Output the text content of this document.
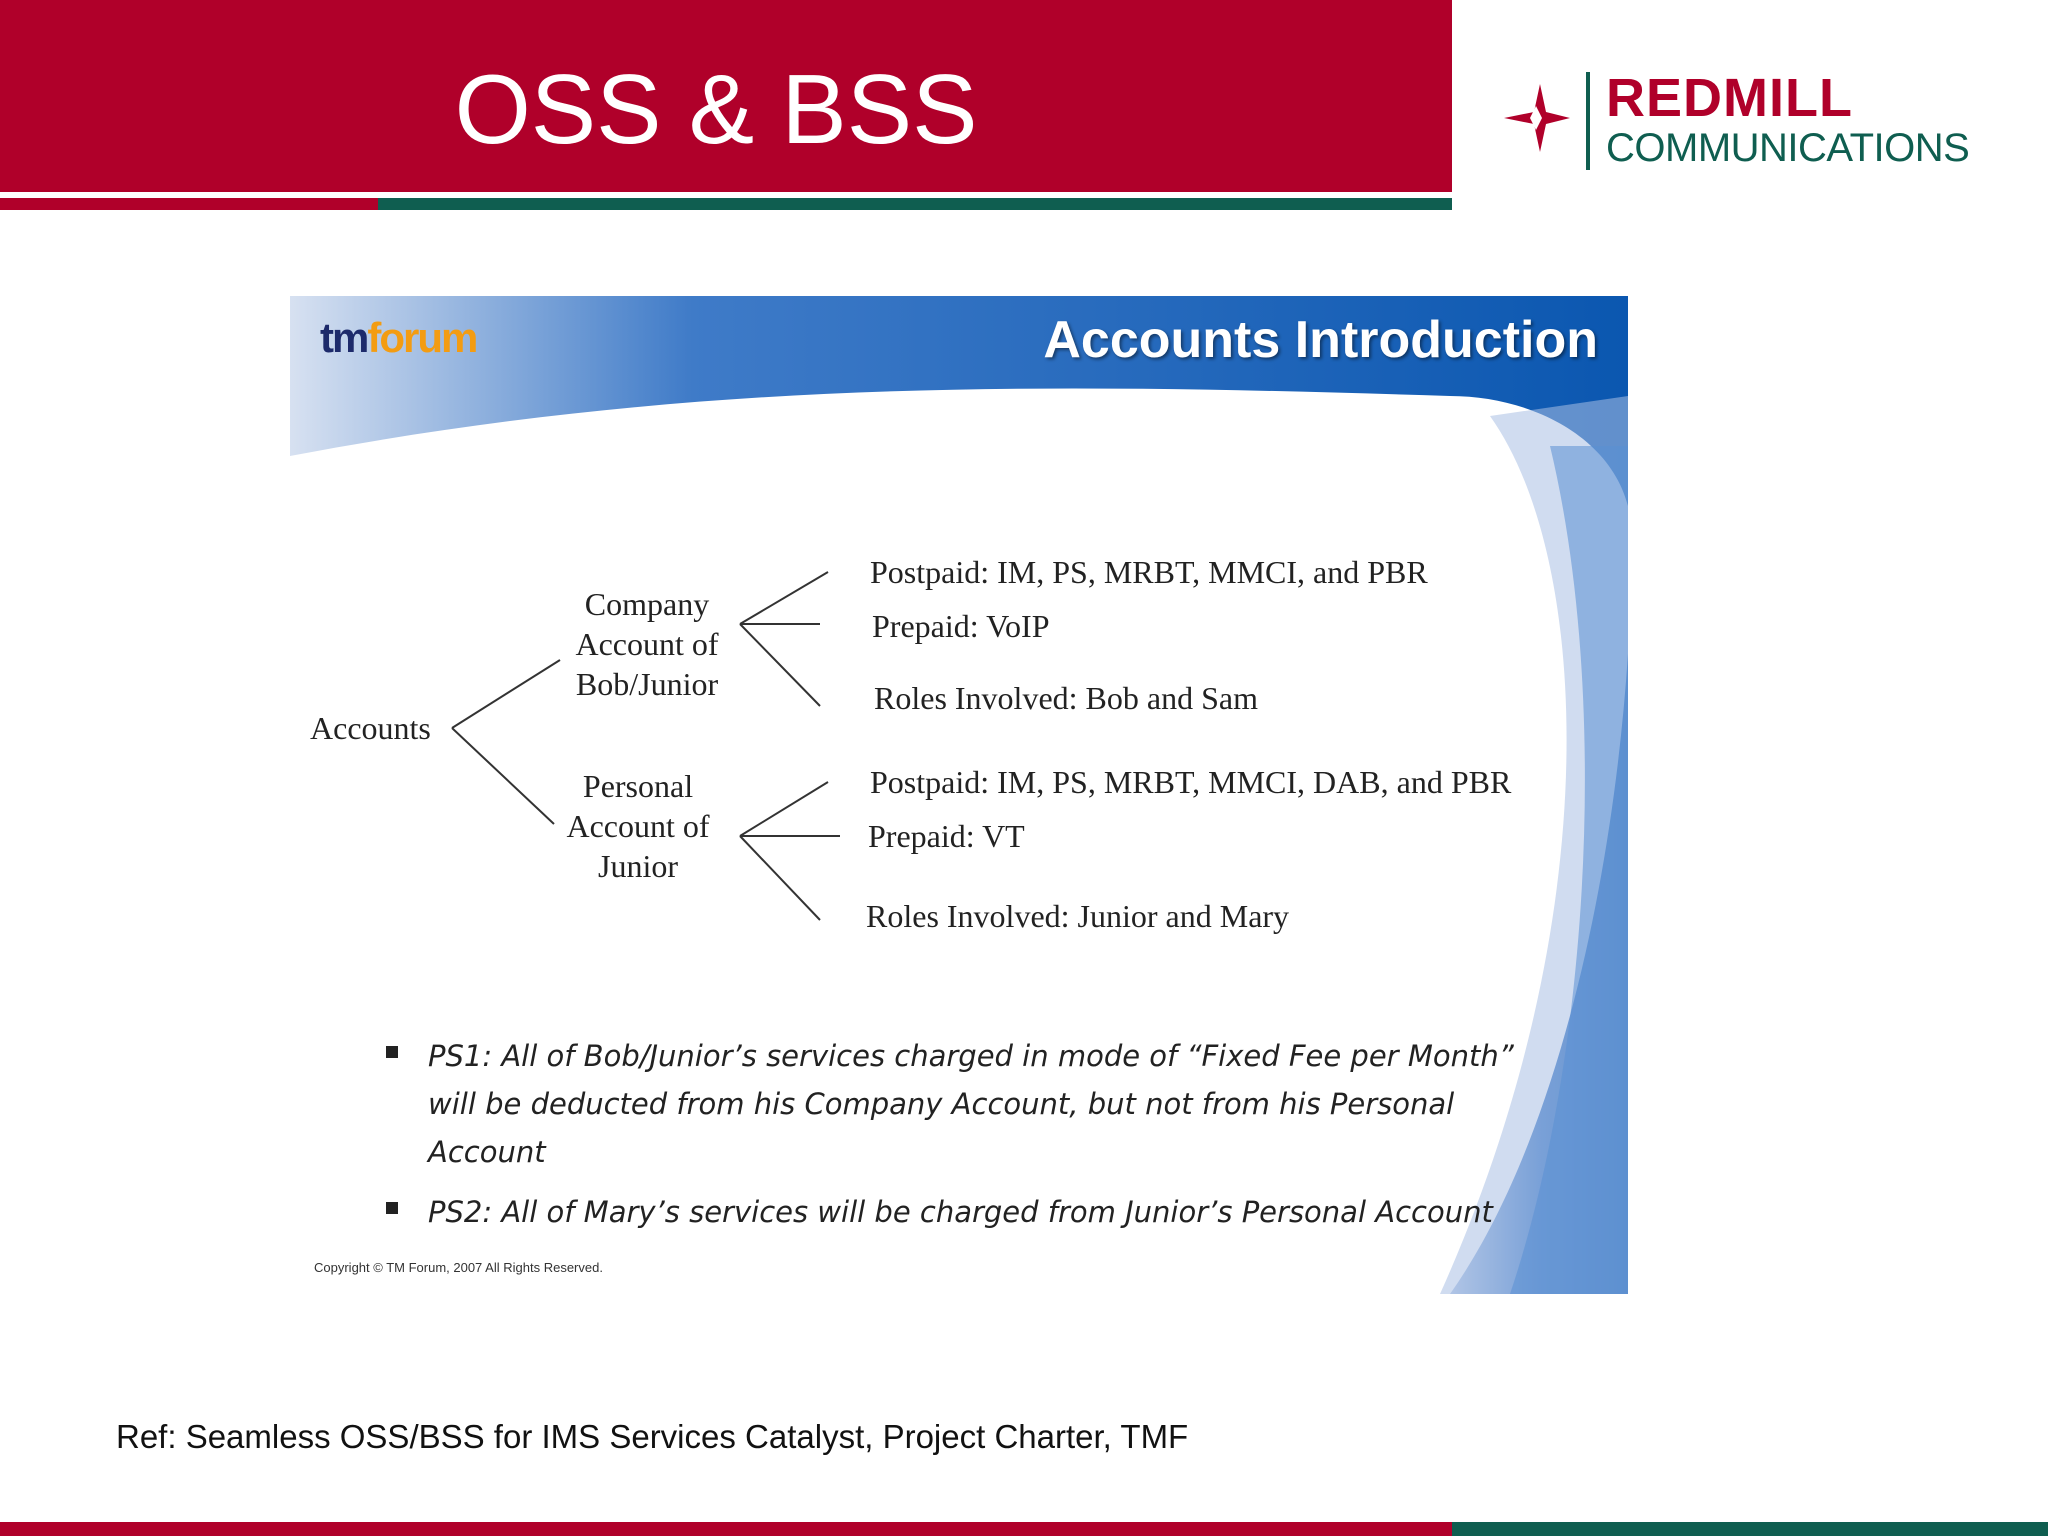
OSS & BSS	REDMILL
COMMUNICATIONS
tmforum	Accounts Introduction
Accounts
Company Account of Bob/Junior
Personal Account of Junior
Postpaid: IM, PS, MRBT, MMCI, and PBR
Prepaid: VoIP
Roles Involved: Bob and Sam
Postpaid: IM, PS, MRBT, MMCI, DAB, and PBR
Prepaid: VT
Roles Involved: Junior and Mary
PS1: All of Bob/Junior’s services charged in mode of “Fixed Fee per Month” will be deducted from his Company Account, but not from his Personal Account
PS2: All of Mary’s services will be charged from Junior’s Personal Account
Copyright © TM Forum, 2007 All Rights Reserved.
Ref: Seamless OSS/BSS for IMS Services Catalyst, Project Charter, TMF
